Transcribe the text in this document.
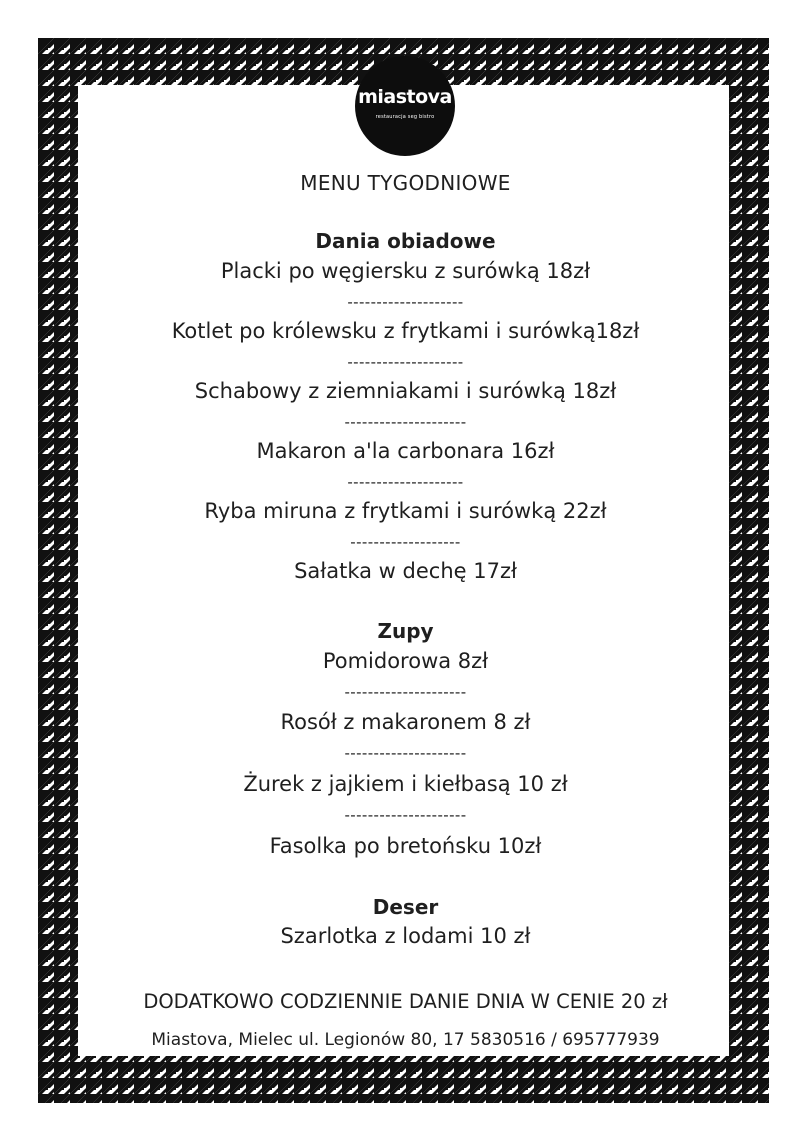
miastova
restauracja seg bistro
MENU TYGODNIOWE
Dania obiadowe
Placki po węgiersku z surówką 18zł
--------------------
Kotlet po królewsku z frytkami i surówką18zł
--------------------
Schabowy z ziemniakami i surówką 18zł
---------------------
Makaron a'la carbonara 16zł
--------------------
Ryba miruna z frytkami i surówką 22zł
-------------------
Sałatka w dechę 17zł
Zupy
Pomidorowa 8zł
---------------------
Rosół z makaronem 8 zł
---------------------
Żurek z jajkiem i kiełbasą 10 zł
---------------------
Fasolka po bretońsku 10zł
Deser
Szarlotka z lodami 10 zł
DODATKOWO CODZIENNIE DANIE DNIA W CENIE 20 zł
Miastova, Mielec ul. Legionów 80, 17 5830516 / 695777939
